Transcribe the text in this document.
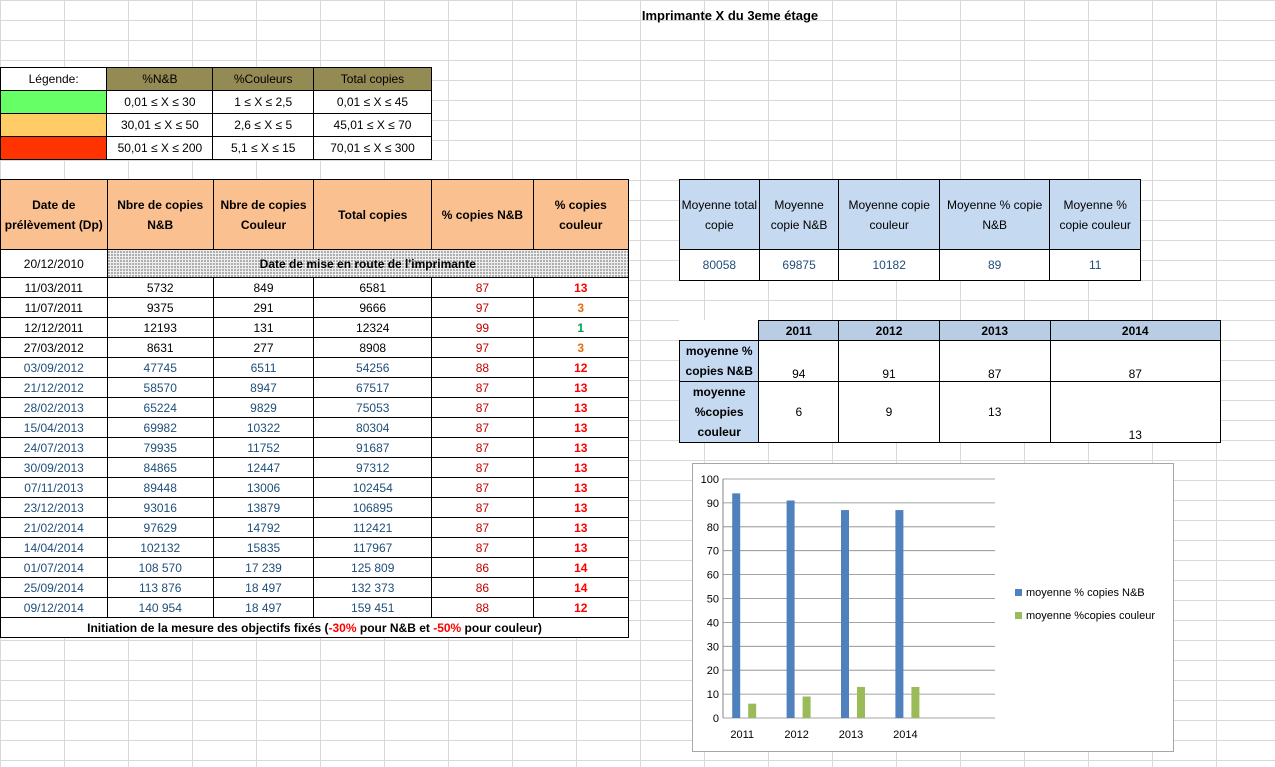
Imprimante X du 3eme étage
Légende:	%N&B	%Couleurs	Total copies
	0,01 ≤ X ≤ 30	1 ≤ X ≤ 2,5	0,01 ≤ X ≤ 45
	30,01 ≤ X ≤ 50	2,6 ≤ X ≤ 5	45,01 ≤ X ≤ 70
	50,01 ≤ X ≤ 200	5,1 ≤ X ≤ 15	70,01 ≤ X ≤ 300
Date de prélèvement (Dp)	Nbre de copies N&B	Nbre de copies Couleur	Total copies	% copies N&B	% copies couleur
20/12/2010	Date de mise en route de l'imprimante				
11/03/2011	5732	849	6581	87	13
11/07/2011	9375	291	9666	97	3
12/12/2011	12193	131	12324	99	1
27/03/2012	8631	277	8908	97	3
03/09/2012	47745	6511	54256	88	12
21/12/2012	58570	8947	67517	87	13
28/02/2013	65224	9829	75053	87	13
15/04/2013	69982	10322	80304	87	13
24/07/2013	79935	11752	91687	87	13
30/09/2013	84865	12447	97312	87	13
07/11/2013	89448	13006	102454	87	13
23/12/2013	93016	13879	106895	87	13
21/02/2014	97629	14792	112421	87	13
14/04/2014	102132	15835	117967	87	13
01/07/2014	108 570	17 239	125 809	86	14
25/09/2014	113 876	18 497	132 373	86	14
09/12/2014	140 954	18 497	159 451	88	12
Initiation de la mesure des objectifs fixés (-30% pour N&B et -50% pour couleur)					
Moyenne total copie	Moyenne copie N&B	Moyenne copie couleur	Moyenne % copie N&B	Moyenne % copie couleur
80058	69875	10182	89	11
	2011	2012	2013	2014
moyenne % copies N&B	94	91	87	87
moyenne %copies couleur	6	9	13	13
0
10
20
30
40
50
60
70
80
90
100
2011	2012	2013	2014
moyenne % copies N&B
moyenne %copies couleur
